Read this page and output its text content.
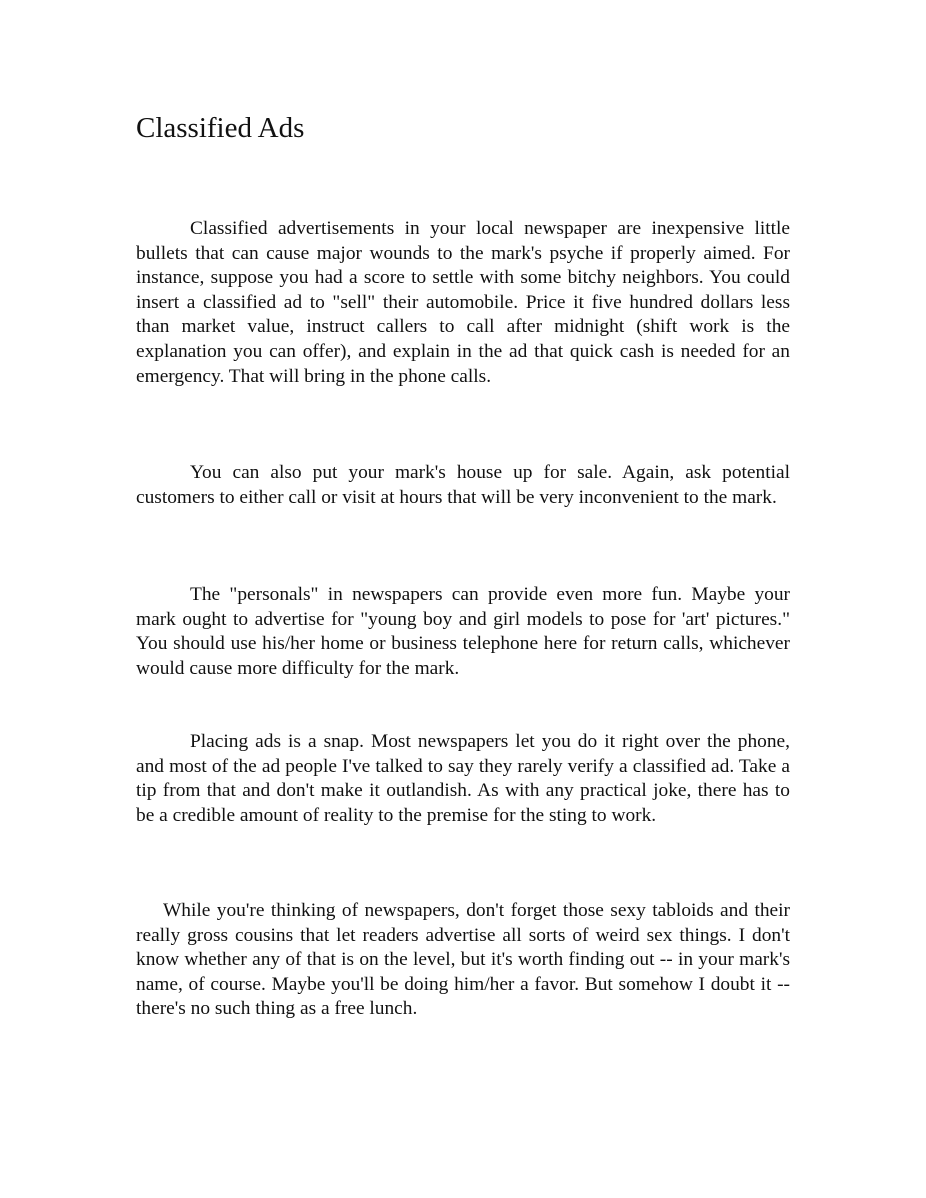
Classified Ads

Classified advertisements in your local newspaper are inexpensive little bullets that can cause major wounds to the mark's psyche if properly aimed. For instance, suppose you had a score to settle with some bitchy neighbors. You could insert a classified ad to "sell" their automobile. Price it five hundred dollars less than market value, instruct callers to call after midnight (shift work is the explanation you can offer), and explain in the ad that quick cash is needed for an emergency. That will bring in the phone calls.

You can also put your mark's house up for sale. Again, ask potential customers to either call or visit at hours that will be very inconvenient to the mark.

The "personals" in newspapers can provide even more fun. Maybe your mark ought to advertise for "young boy and girl models to pose for 'art' pictures." You should use his/her home or business telephone here for return calls, whichever would cause more difficulty for the mark.

Placing ads is a snap. Most newspapers let you do it right over the phone, and most of the ad people I've talked to say they rarely verify a classified ad. Take a tip from that and don't make it outlandish. As with any practical joke, there has to be a credible amount of reality to the premise for the sting to work.

While you're thinking of newspapers, don't forget those sexy tabloids and their really gross cousins that let readers advertise all sorts of weird sex things. I don't know whether any of that is on the level, but it's worth finding out -- in your mark's name, of course. Maybe you'll be doing him/her a favor. But somehow I doubt it -- there's no such thing as a free lunch.
